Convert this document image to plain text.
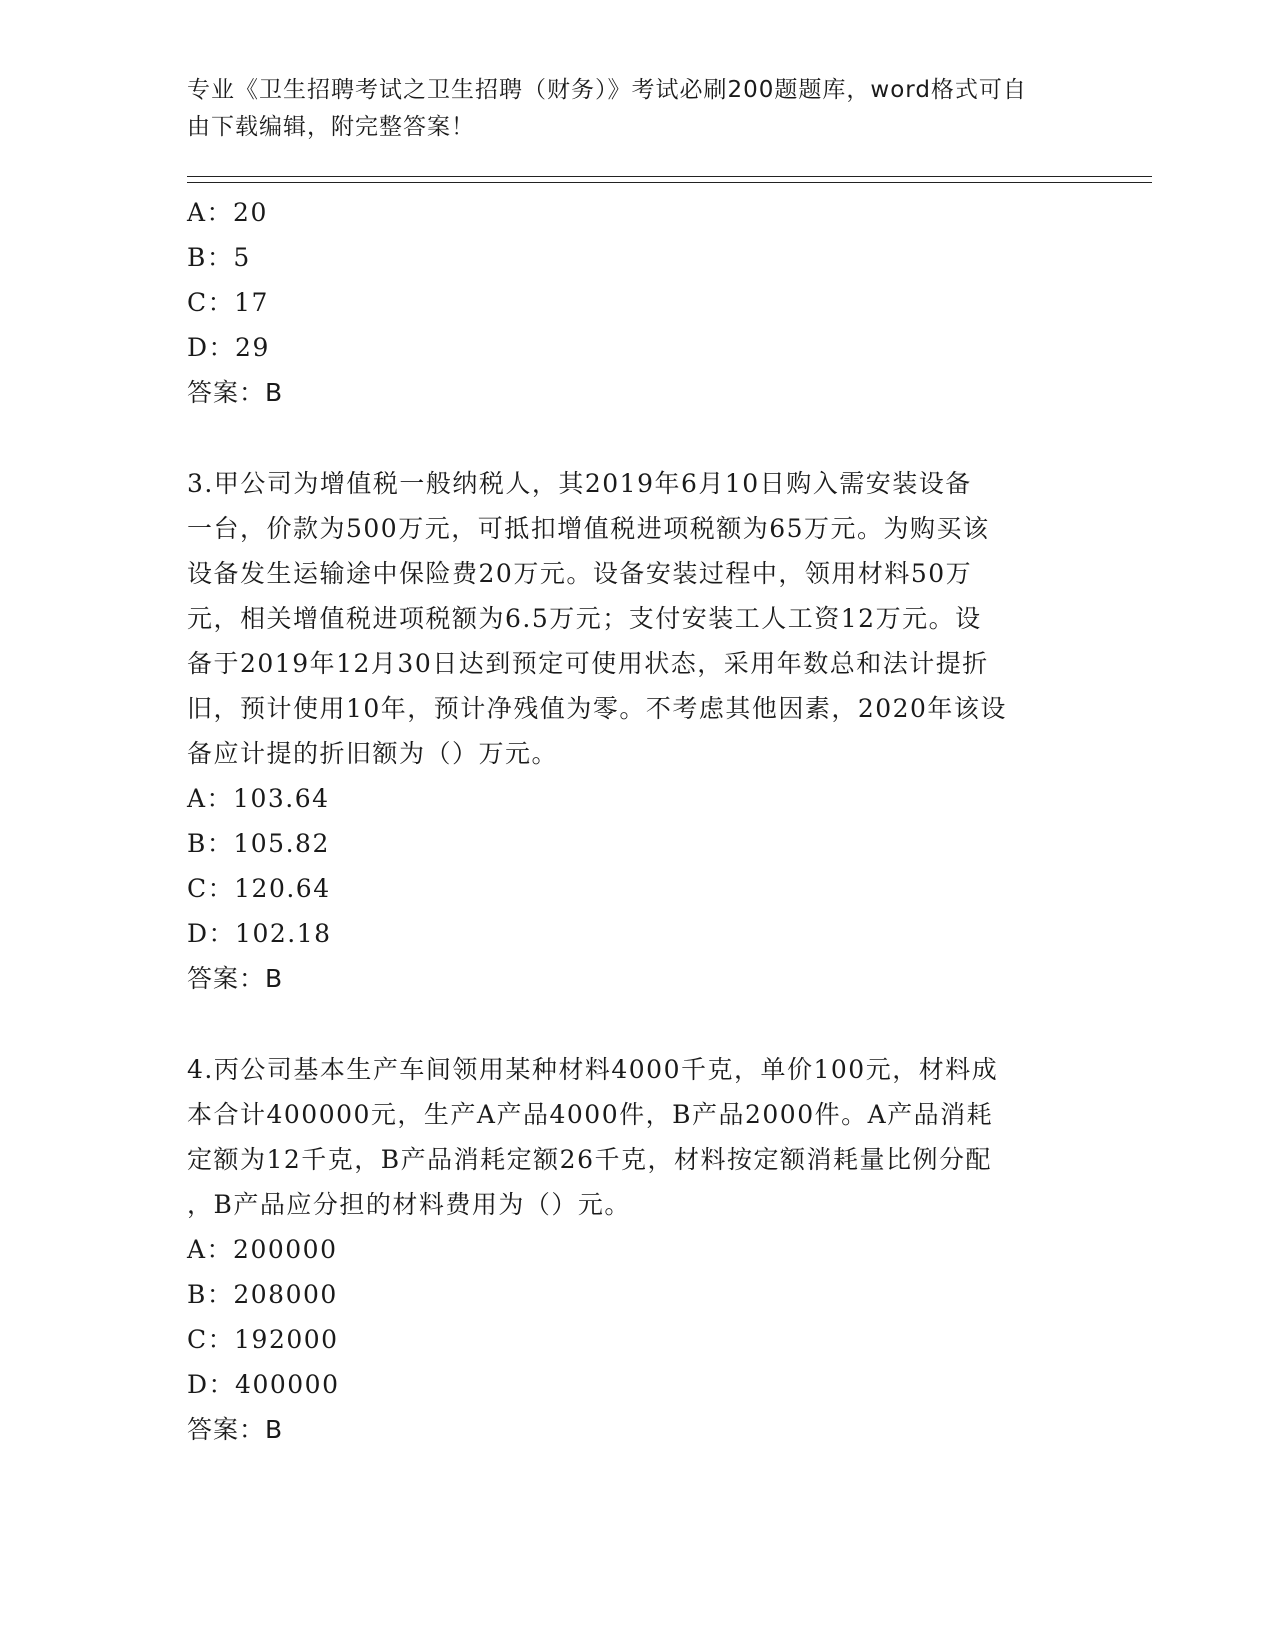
专业《卫生招聘考试之卫生招聘（财务）》考试必刷200题题库，word格式可自
由下载编辑，附完整答案！
A：20
B：5
C：17
D：29
答案：B
3.甲公司为增值税一般纳税人，其2019年6月10日购入需安装设备
一台，价款为500万元，可抵扣增值税进项税额为65万元。为购买该
设备发生运输途中保险费20万元。设备安装过程中，领用材料50万
元，相关增值税进项税额为6.5万元；支付安装工人工资12万元。设
备于2019年12月30日达到预定可使用状态，采用年数总和法计提折
旧，预计使用10年，预计净残值为零。不考虑其他因素，2020年该设
备应计提的折旧额为（）万元。
A：103.64
B：105.82
C：120.64
D：102.18
答案：B
4.丙公司基本生产车间领用某种材料4000千克，单价100元，材料成
本合计400000元，生产A产品4000件，B产品2000件。A产品消耗
定额为12千克，B产品消耗定额26千克，材料按定额消耗量比例分配
，B产品应分担的材料费用为（）元。
A：200000
B：208000
C：192000
D：400000
答案：B
